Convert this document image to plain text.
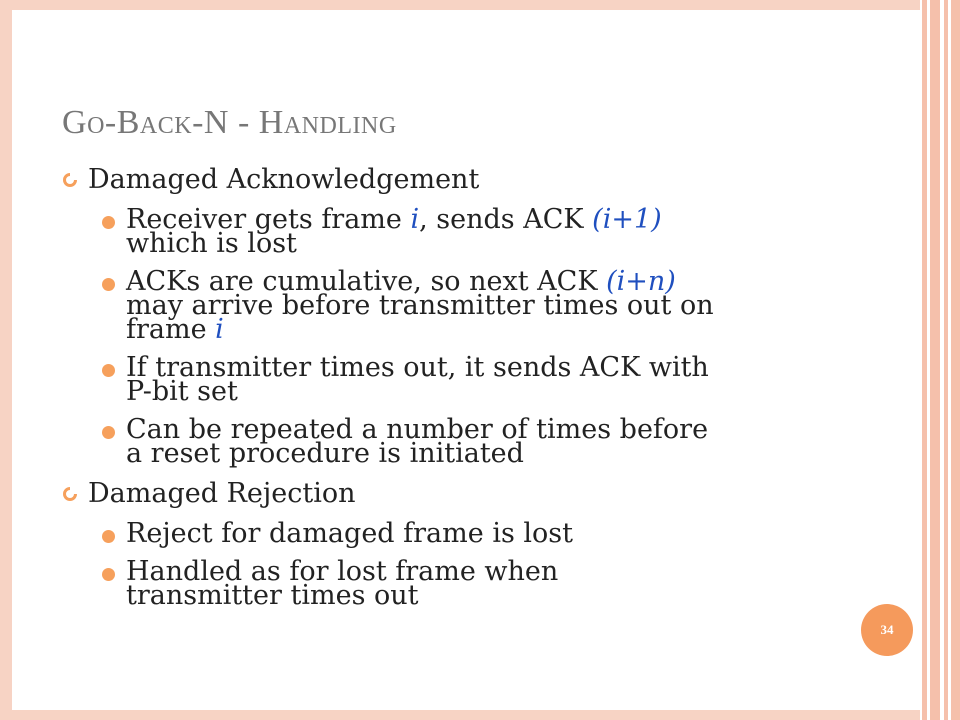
Go-Back-N - Handling
Damaged Acknowledgement
Receiver gets frame i, sends ACK (i+1)
which is lost
ACKs are cumulative, so next ACK (i+n)
may arrive before transmitter times out on
frame i
If transmitter times out, it sends ACK with
P-bit set
Can be repeated a number of times before
a reset procedure is initiated
Damaged Rejection
Reject for damaged frame is lost
Handled as for lost frame when
transmitter times out
34
